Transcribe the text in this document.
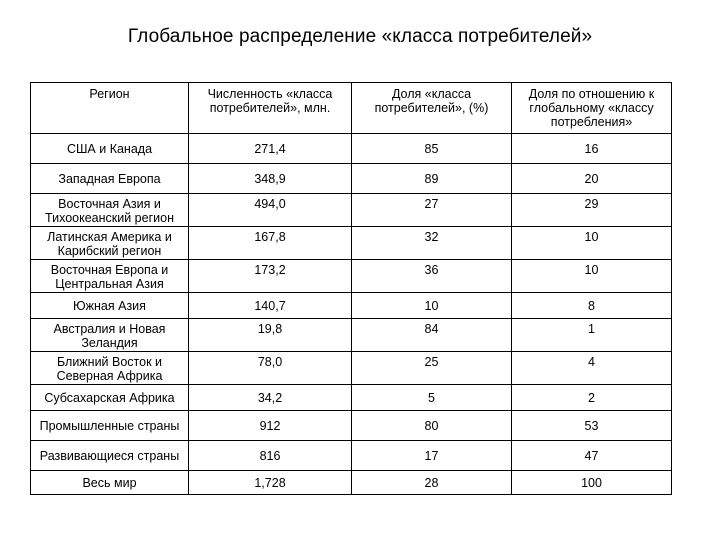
Глобальное распределение «класса потребителей»
Регион	Численность «класса потребителей», млн.	Доля «класса потребителей», (%)	Доля по отношению к глобальному «классу потребления»
США и Канада	271,4	85	16
Западная Европа	348,9	89	20
Восточная Азия и Тихоокеанский регион	494,0	27	29
Латинская Америка и Карибский регион	167,8	32	10
Восточная Европа и Центральная Азия	173,2	36	10
Южная Азия	140,7	10	8
Австралия и Новая Зеландия	19,8	84	1
Ближний Восток и Северная Африка	78,0	25	4
Субсахарская Африка	34,2	5	2
Промышленные страны	912	80	53
Развивающиеся страны	816	17	47
Весь мир	1,728	28	100
